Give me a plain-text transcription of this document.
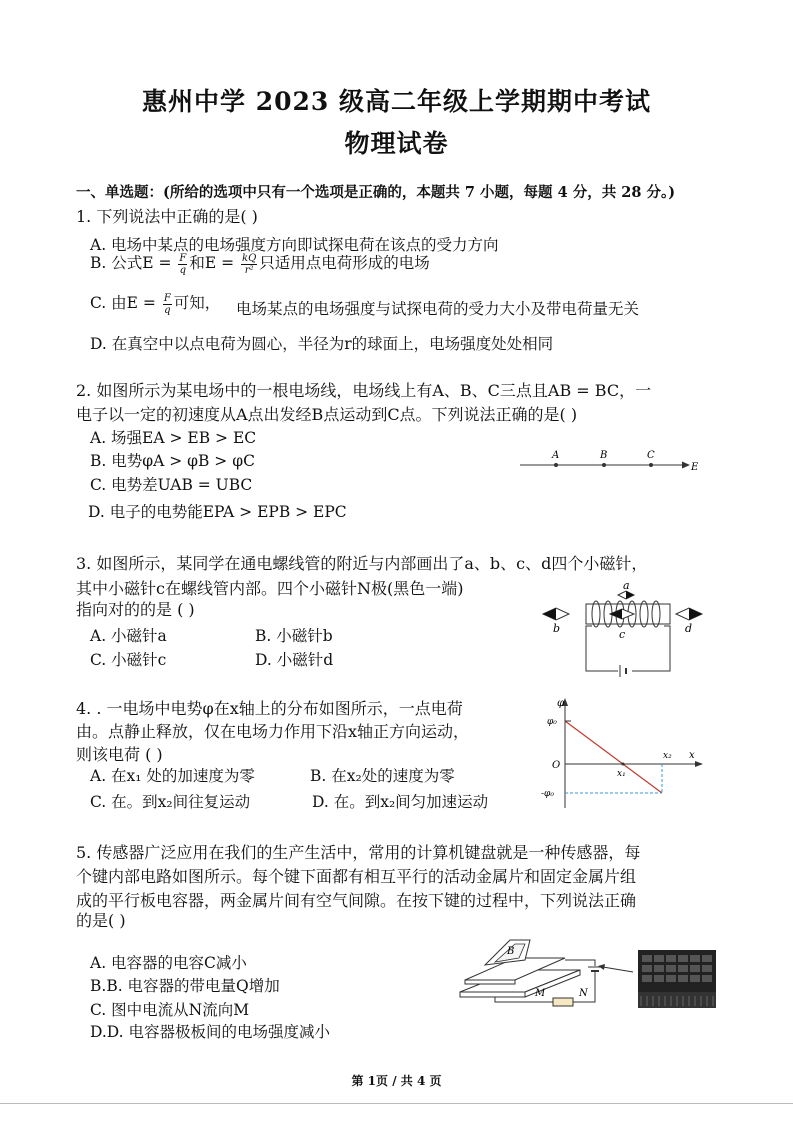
惠州中学 2023 级高二年级上学期期中考试
物理试卷
一、单选题：(所给的选项中只有一个选项是正确的，本题共 7 小题，每题 4 分，共 28 分。)
1. 下列说法中正确的是( )
A. 电场中某点的电场强度方向即试探电荷在该点的受力方向
B. 公式$E = \frac{F}{q}$ 和$E = \frac{kQ}{\text{r²}}$ 只适用点电荷形成的电场
C. 由$E = \frac{F}{q}$ 可知， 电场某点的电场强度与试探电荷的受力大小及带电荷量无关
D. 在真空中以点电荷为圆心，半径为r的球面上，电场强度处处相同
2. 如图所示为某电场中的一根电场线，电场线上有A、B、C三点且AB = BC，一
电子以一定的初速度从A点出发经B点运动到C点。下列说法正确的是( )
A. 场强EA > EB > EC
B. 电势φA > φB > φC
C. 电势差UAB = UBC
D. 电子的电势能EPA > EPB > EPC
A	B	C
E
3. 如图所示，某同学在通电螺线管的附近与内部画出了a、b、c、d四个小磁针，
其中小磁针c在螺线管内部。四个小磁针N极(黑色一端)
指向对的的是 ( )
A. 小磁针a	B. 小磁针b
C. 小磁针c	D. 小磁针d
a
b	c	d
4. . 一电场中电势φ在x轴上的分布如图所示，一点电荷
由。点静止释放，仅在电场力作用下沿x轴正方向运动，
则该电荷 ( )
A. 在x₁ 处的加速度为零	B. 在x₂处的速度为零
C. 在。到x₂间往复运动	D. 在。到x₂间匀加速运动
φ
φ₀
-φ₀
O
x
x₁
x₂
5. 传感器广泛应用在我们的生产生活中，常用的计算机键盘就是一种传感器，每
个键内部电路如图所示。每个键下面都有相互平行的活动金属片和固定金属片组
成的平行板电容器，两金属片间有空气间隙。在按下键的过程中，下列说法正确
的是( )
A. 电容器的电容C减小
B.B. 电容器的带电量Q增加
C. 图中电流从N流向M
D.D. 电容器极板间的电场强度减小
B
M	N
第 1页 / 共 4 页
